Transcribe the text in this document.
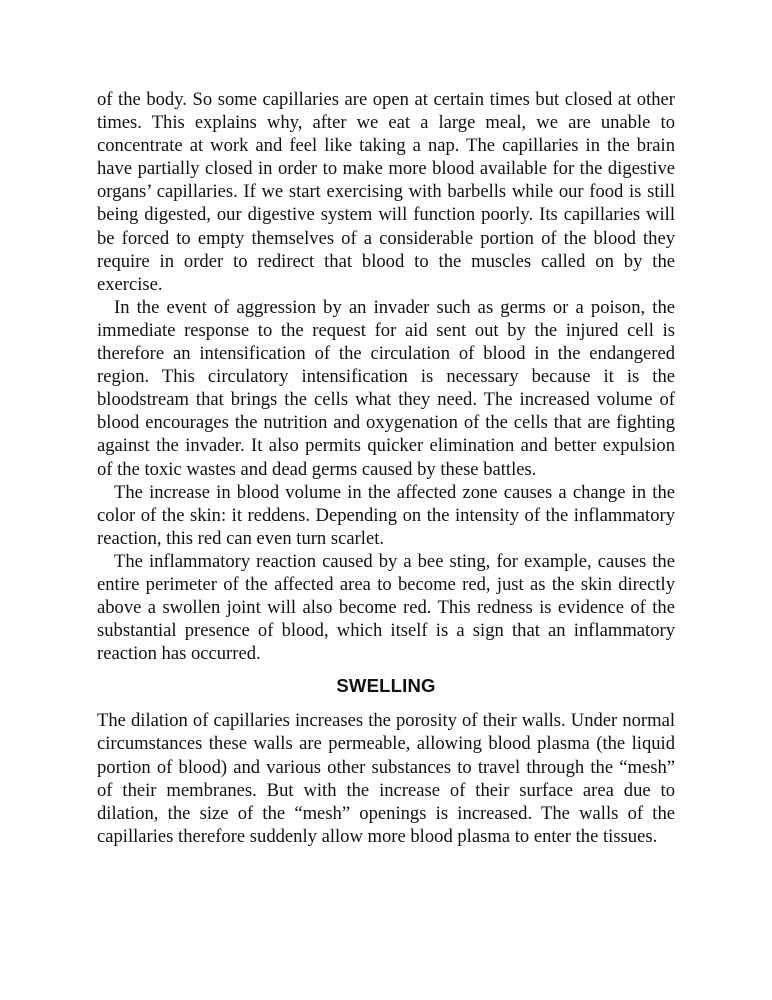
of the body. So some capillaries are open at certain times but closed at other times. This explains why, after we eat a large meal, we are unable to concentrate at work and feel like taking a nap. The capillaries in the brain have partially closed in order to make more blood available for the digestive organs’ capillaries. If we start exercising with barbells while our food is still being digested, our digestive system will function poorly. Its capillaries will be forced to empty themselves of a considerable portion of the blood they require in order to redirect that blood to the muscles called on by the exercise.

In the event of aggression by an invader such as germs or a poison, the immediate response to the request for aid sent out by the injured cell is therefore an intensification of the circulation of blood in the endangered region. This circulatory intensification is necessary because it is the bloodstream that brings the cells what they need. The increased volume of blood encourages the nutrition and oxygenation of the cells that are fighting against the invader. It also permits quicker elimination and better expulsion of the toxic wastes and dead germs caused by these battles.

The increase in blood volume in the affected zone causes a change in the color of the skin: it reddens. Depending on the intensity of the inflammatory reaction, this red can even turn scarlet.

The inflammatory reaction caused by a bee sting, for example, causes the entire perimeter of the affected area to become red, just as the skin directly above a swollen joint will also become red. This redness is evidence of the substantial presence of blood, which itself is a sign that an inflammatory reaction has occurred.

SWELLING

The dilation of capillaries increases the porosity of their walls. Under normal circumstances these walls are permeable, allowing blood plasma (the liquid portion of blood) and various other substances to travel through the “mesh” of their membranes. But with the increase of their surface area due to dilation, the size of the “mesh” openings is increased. The walls of the capillaries therefore suddenly allow more blood plasma to enter the tissues.
